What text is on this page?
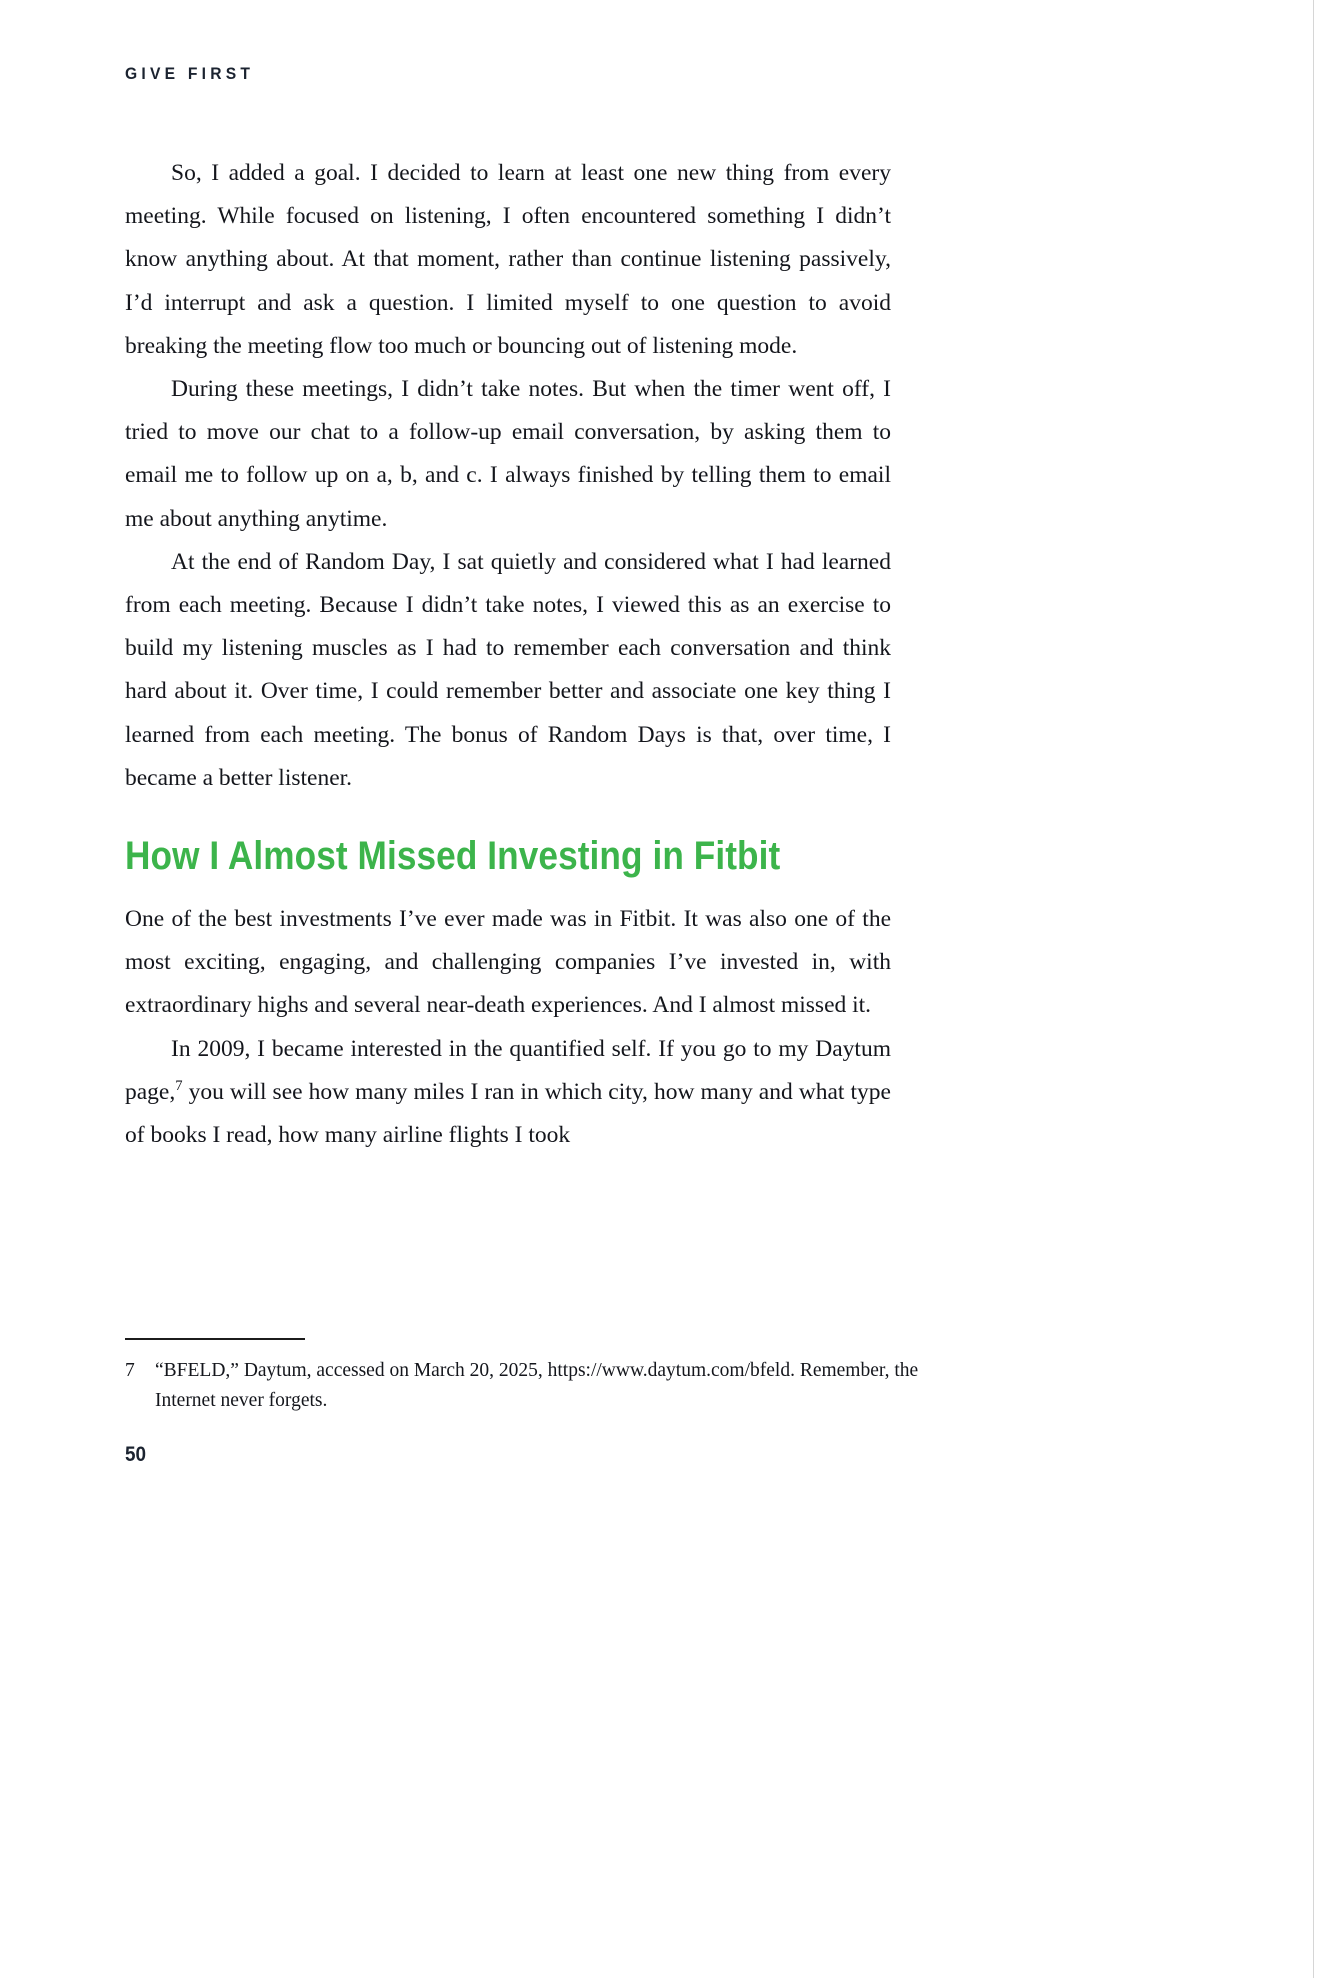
GIVE FIRST

So, I added a goal. I decided to learn at least one new thing from every meeting. While focused on listening, I often encountered something I didn’t know anything about. At that moment, rather than continue listening passively, I’d interrupt and ask a question. I limited myself to one question to avoid breaking the meeting flow too much or bouncing out of listening mode.

During these meetings, I didn’t take notes. But when the timer went off, I tried to move our chat to a follow-up email conversation, by asking them to email me to follow up on a, b, and c. I always finished by telling them to email me about anything anytime.

At the end of Random Day, I sat quietly and considered what I had learned from each meeting. Because I didn’t take notes, I viewed this as an exercise to build my listening muscles as I had to remember each conversation and think hard about it. Over time, I could remember better and associate one key thing I learned from each meeting. The bonus of Random Days is that, over time, I became a better listener.

How I Almost Missed Investing in Fitbit

One of the best investments I’ve ever made was in Fitbit. It was also one of the most exciting, engaging, and challenging companies I’ve invested in, with extraordinary highs and several near-death experiences. And I almost missed it.

In 2009, I became interested in the quantified self. If you go to my Daytum page,$^7$ you will see how many miles I ran in which city, how many and what type of books I read, how many airline flights I took

7	“BFELD,” Daytum, accessed on March 20, 2025, https://www.daytum.com/bfeld. Remember, the Internet never forgets.
50
